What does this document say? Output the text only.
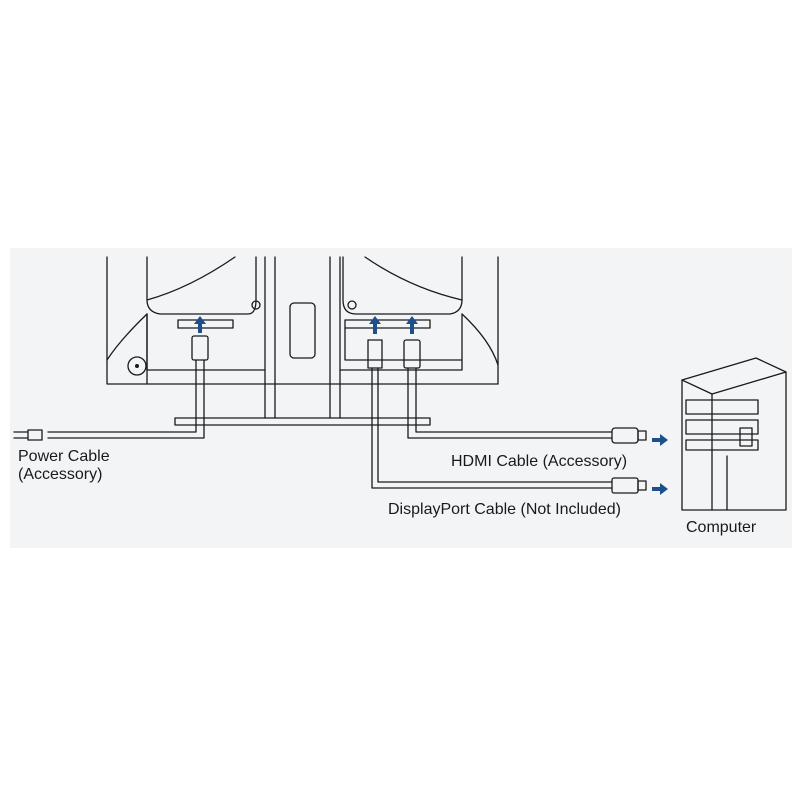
Power Cable
(Accessory)
HDMI Cable (Accessory)
DisplayPort Cable (Not Included)
Computer
